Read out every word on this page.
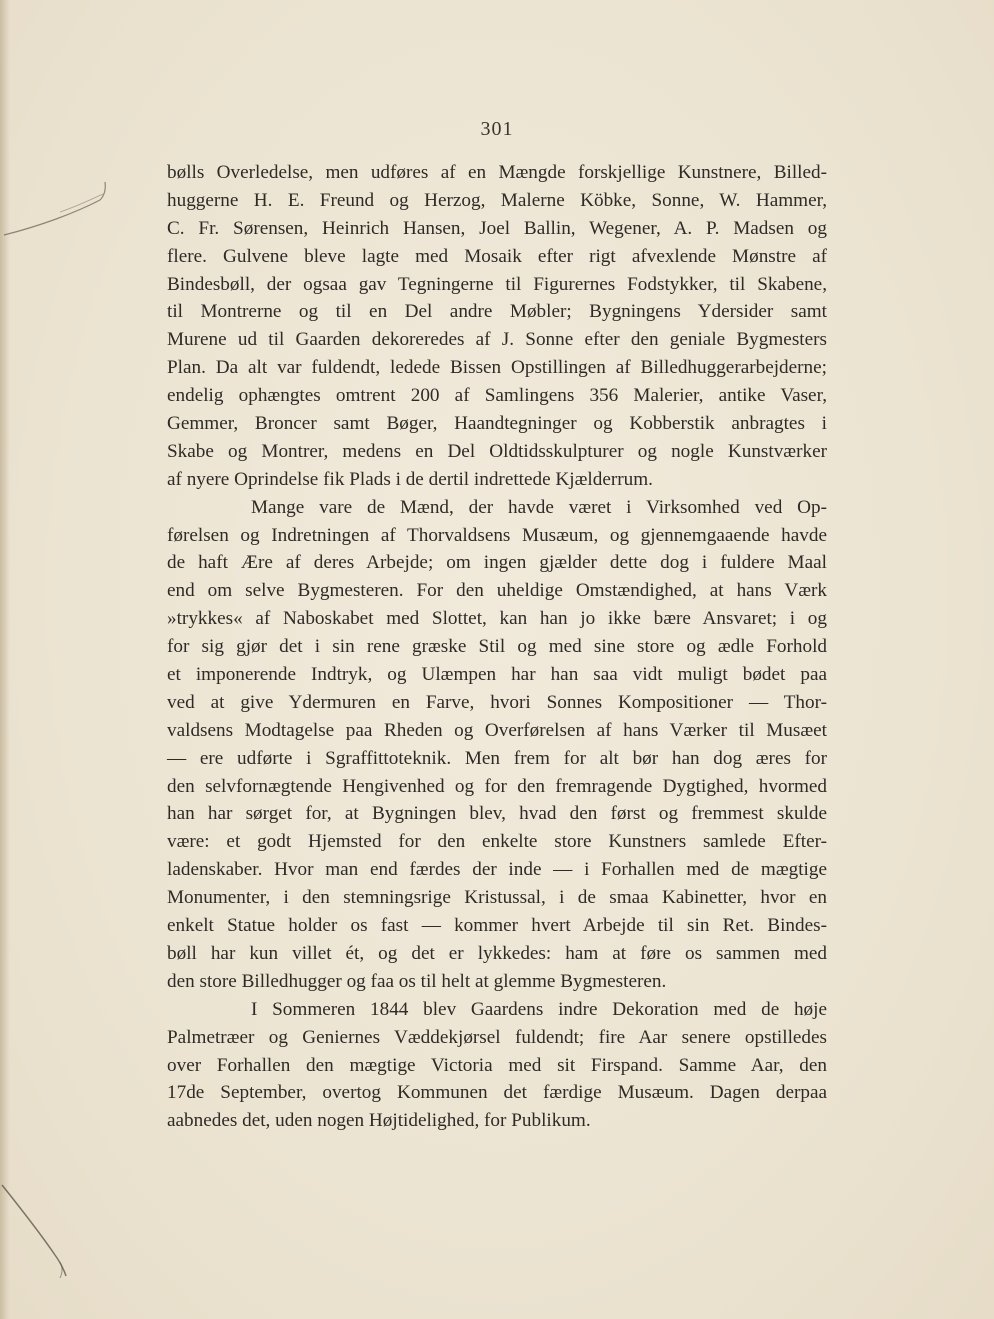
301
bølls Overledelse, men udføres af en Mængde forskjellige Kunstnere, Billed-
huggerne H. E. Freund og Herzog, Malerne Köbke, Sonne, W. Hammer,
C. Fr. Sørensen, Heinrich Hansen, Joel Ballin, Wegener, A. P. Madsen og
flere. Gulvene bleve lagte med Mosaik efter rigt afvexlende Mønstre af
Bindesbøll, der ogsaa gav Tegningerne til Figurernes Fodstykker, til Skabene,
til Montrerne og til en Del andre Møbler; Bygningens Ydersider samt
Murene ud til Gaarden dekoreredes af J. Sonne efter den geniale Bygmesters
Plan. Da alt var fuldendt, ledede Bissen Opstillingen af Billedhuggerarbejderne;
endelig ophængtes omtrent 200 af Samlingens 356 Malerier, antike Vaser,
Gemmer, Broncer samt Bøger, Haandtegninger og Kobberstik anbragtes i
Skabe og Montrer, medens en Del Oldtidsskulpturer og nogle Kunstværker
af nyere Oprindelse fik Plads i de dertil indrettede Kjælderrum.
Mange vare de Mænd, der havde været i Virksomhed ved Op-
førelsen og Indretningen af Thorvaldsens Musæum, og gjennemgaaende havde
de haft Ære af deres Arbejde; om ingen gjælder dette dog i fuldere Maal
end om selve Bygmesteren. For den uheldige Omstændighed, at hans Værk
»trykkes« af Naboskabet med Slottet, kan han jo ikke bære Ansvaret; i og
for sig gjør det i sin rene græske Stil og med sine store og ædle Forhold
et imponerende Indtryk, og Ulæmpen har han saa vidt muligt bødet paa
ved at give Ydermuren en Farve, hvori Sonnes Kompositioner — Thor-
valdsens Modtagelse paa Rheden og Overførelsen af hans Værker til Musæet
— ere udførte i Sgraffittoteknik. Men frem for alt bør han dog æres for
den selvfornægtende Hengivenhed og for den fremragende Dygtighed, hvormed
han har sørget for, at Bygningen blev, hvad den først og fremmest skulde
være: et godt Hjemsted for den enkelte store Kunstners samlede Efter-
ladenskaber. Hvor man end færdes der inde — i Forhallen med de mægtige
Monumenter, i den stemningsrige Kristussal, i de smaa Kabinetter, hvor en
enkelt Statue holder os fast — kommer hvert Arbejde til sin Ret. Bindes-
bøll har kun villet ét, og det er lykkedes: ham at føre os sammen med
den store Billedhugger og faa os til helt at glemme Bygmesteren.
I Sommeren 1844 blev Gaardens indre Dekoration med de høje
Palmetræer og Geniernes Væddekjørsel fuldendt; fire Aar senere opstilledes
over Forhallen den mægtige Victoria med sit Firspand. Samme Aar, den
17de September, overtog Kommunen det færdige Musæum. Dagen derpaa
aabnedes det, uden nogen Højtidelighed, for Publikum.
